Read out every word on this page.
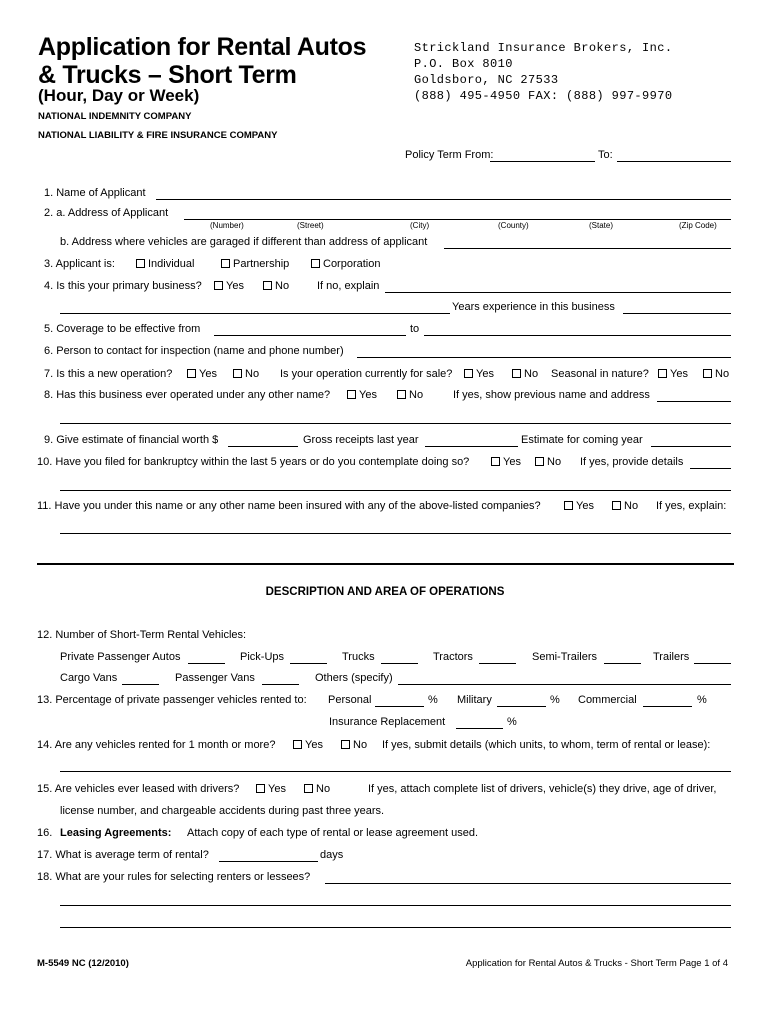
Application for Rental Autos
& Trucks – Short Term
(Hour, Day or Week)
Strickland Insurance Brokers, Inc.
P.O. Box 8010
Goldsboro, NC 27533
(888) 495-4950 FAX: (888) 997-9970
NATIONAL INDEMNITY COMPANY
NATIONAL LIABILITY & FIRE INSURANCE COMPANY
Policy Term From:	To:
1. Name of Applicant
2. a. Address of Applicant
(Number)	(Street)	(City)	(County)	(State)	(Zip Code)
b. Address where vehicles are garaged if different than address of applicant
3. Applicant is:	Individual	Partnership	Corporation
4. Is this your primary business?	Yes	No	If no, explain
Years experience in this business
5. Coverage to be effective from	to
6. Person to contact for inspection (name and phone number)
7. Is this a new operation?	Yes	No Is your operation currently for sale?	Yes	No Seasonal in nature?	Yes	No
8. Has this business ever operated under any other name?	Yes	No	If yes, show previous name and address
9. Give estimate of financial worth $	Gross receipts last year	Estimate for coming year
10. Have you filed for bankruptcy within the last 5 years or do you contemplate doing so?	Yes	No If yes, provide details
11. Have you under this name or any other name been insured with any of the above-listed companies?	Yes	No If yes, explain:
DESCRIPTION AND AREA OF OPERATIONS
12. Number of Short-Term Rental Vehicles:
Private Passenger Autos	Pick-Ups	Trucks	Tractors	Semi-Trailers	Trailers
Cargo Vans	Passenger Vans	Others (specify)
13. Percentage of private passenger vehicles rented to: Personal	% Military	% Commercial	%
Insurance Replacement	%
14. Are any vehicles rented for 1 month or more?	Yes	No If yes, submit details (which units, to whom, term of rental or lease):
15. Are vehicles ever leased with drivers?	Yes	No	If yes, attach complete list of drivers, vehicle(s) they drive, age of driver,
license number, and chargeable accidents during past three years.
16. Leasing Agreements: Attach copy of each type of rental or lease agreement used.
17. What is average term of rental?	days
18. What are your rules for selecting renters or lessees?
M-5549 NC (12/2010)	Application for Rental Autos & Trucks - Short Term Page 1 of 4
